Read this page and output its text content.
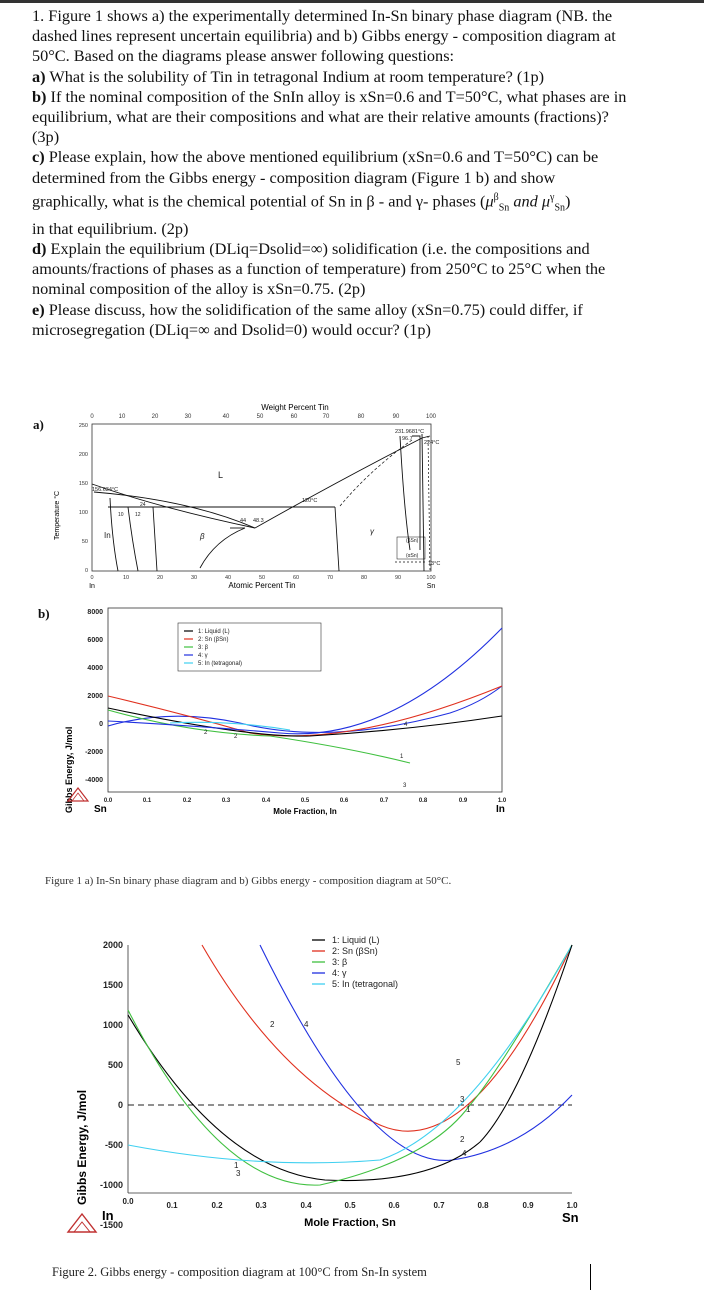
1. Figure 1 shows a) the experimentally determined In-Sn binary phase diagram (NB. the dashed lines represent uncertain equilibria) and b) Gibbs energy - composition diagram at 50°C. Based on the diagrams please answer following questions:

a) What is the solubility of Tin in tetragonal Indium at room temperature? (1p)

b) If the nominal composition of the SnIn alloy is xSn=0.6 and T=50°C, what phases are in equilibrium, what are their compositions and what are their relative amounts (fractions)? (3p)

c) Please explain, how the above mentioned equilibrium (xSn=0.6 and T=50°C) can be determined from the Gibbs energy - composition diagram (Figure 1 b) and show graphically, what is the chemical potential of Sn in β - and γ- phases ($\mu^\beta_{Sn}$ and $\mu^\gamma_{Sn}$)
in that equilibrium. (2p)

d) Explain the equilibrium (DLiq=Dsolid=∞) solidification (i.e. the compositions and amounts/fractions of phases as a function of temperature) from 250°C to 25°C when the nominal composition of the alloy is xSn=0.75. (2p)

e) Please discuss, how the solidification of the same alloy (xSn=0.75) could differ, if microsegregation (DLiq=∞ and Dsolid=0) would occur? (1p)

a)
b)
Weight Percent Tin
0	10	20	30	40	50	60	70	80	90	100
250
200
150
100
50
0
Temperature °C
L
156.634°C
120°C
44 48.3
231.9681°C
96.7
224°C
In	β
γ
(βSn)
(αSn)
13°C
10 12
24
0	10	20	30	40	50	60	70	80	90	100
In	Sn
Atomic Percent Tin
Gibbs Energy, J/mol
8000
6000
4000
2000
0
-2000
-4000
2
2
4
1
3
1: Liquid (L)
2: Sn (βSn)
3: β
4: γ
5: In (tetragonal)
0.0	0.1	0.2	0.3	0.4	0.5	0.6	0.7	0.8	0.9	1.0
Sn	In
Mole Fraction, In
Figure 1 a) In-Sn binary phase diagram and b) Gibbs energy - composition diagram at 50°C.
Gibbs Energy, J/mol
2000
1500
1000
500
0
-500
-1000
-1500
2	4
1
3
5
3
1
2
4
1: Liquid (L)
2: Sn (βSn)
3: β
4: γ
5: In (tetragonal)
0.0	0.1	0.2	0.3	0.4	0.5	0.6	0.7	0.8	0.9	1.0
In	Sn
Mole Fraction, Sn
Figure 2. Gibbs energy - composition diagram at 100°C from Sn-In system
